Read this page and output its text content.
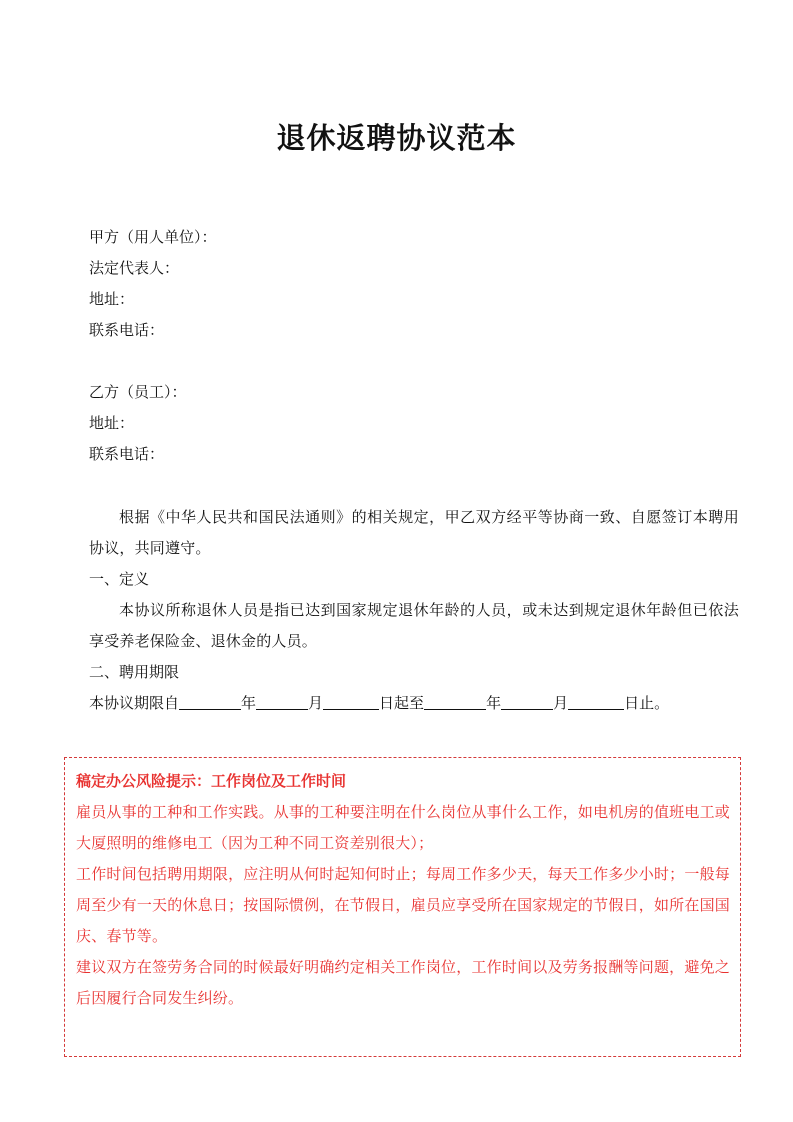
退休返聘协议范本
甲方（用人单位）：
法定代表人：
地址：
联系电话：
乙方（员工）：
地址：
联系电话：
根据《中华人民共和国民法通则》的相关规定，甲乙双方经平等协商一致、自愿签订本聘用协议，共同遵守。
一、定义
本协议所称退休人员是指已达到国家规定退休年龄的人员，或未达到规定退休年龄但已依法享受养老保险金、退休金的人员。
二、聘用期限
本协议期限自	年	月	日起至	年	月	日止。
稿定办公风险提示：工作岗位及工作时间
雇员从事的工种和工作实践。从事的工种要注明在什么岗位从事什么工作，如电机房的值班电工或大厦照明的维修电工（因为工种不同工资差别很大）；
工作时间包括聘用期限，应注明从何时起知何时止；每周工作多少天，每天工作多少小时；一般每周至少有一天的休息日；按国际惯例，在节假日，雇员应享受所在国家规定的节假日，如所在国国庆、春节等。
建议双方在签劳务合同的时候最好明确约定相关工作岗位，工作时间以及劳务报酬等问题，避免之后因履行合同发生纠纷。
